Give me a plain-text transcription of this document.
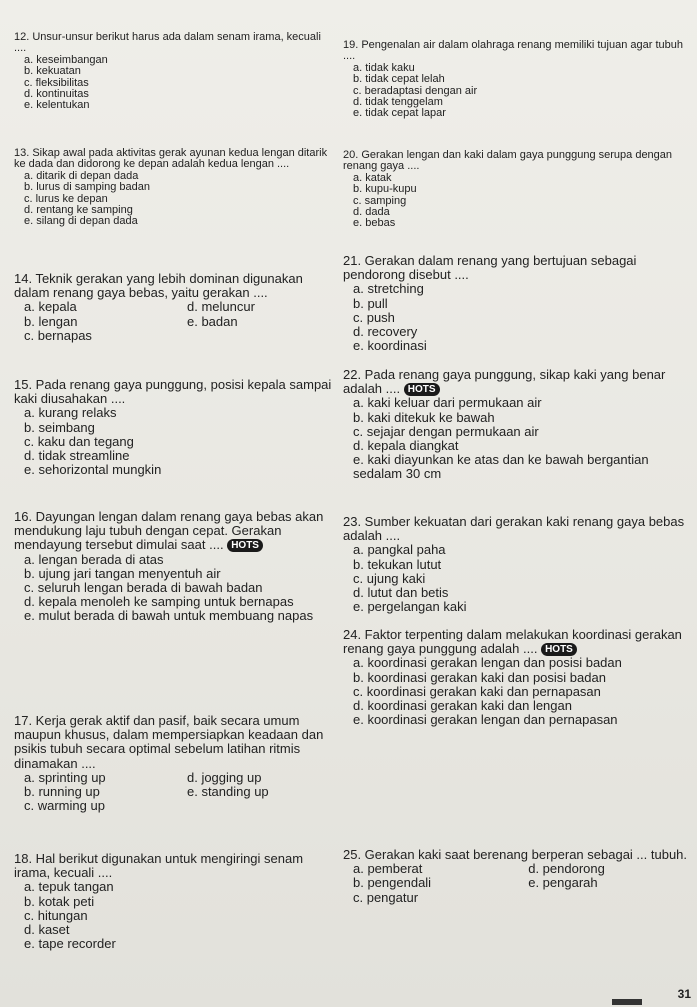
12. Unsur-unsur berikut harus ada dalam senam irama, kecuali ....
a. keseimbangan
b. kekuatan
c. fleksibilitas
d. kontinuitas
e. kelentukan
13. Sikap awal pada aktivitas gerak ayunan kedua lengan ditarik ke dada dan didorong ke depan adalah kedua lengan ....
a. ditarik di depan dada
b. lurus di samping badan
c. lurus ke depan
d. rentang ke samping
e. silang di depan dada
14. Teknik gerakan yang lebih dominan digunakan dalam renang gaya bebas, yaitu gerakan ....
a. kepala	d. meluncur
b. lengan	e. badan
c. bernapas
15. Pada renang gaya punggung, posisi kepala sampai kaki diusahakan ....
a. kurang relaks
b. seimbang
c. kaku dan tegang
d. tidak streamline
e. sehorizontal mungkin
16. Dayungan lengan dalam renang gaya bebas akan mendukung laju tubuh dengan cepat. Gerakan mendayung tersebut dimulai saat .... HOTS
a. lengan berada di atas
b. ujung jari tangan menyentuh air
c. seluruh lengan berada di bawah badan
d. kepala menoleh ke samping untuk bernapas
e. mulut berada di bawah untuk membuang napas
17. Kerja gerak aktif dan pasif, baik secara umum maupun khusus, dalam mempersiapkan keadaan dan psikis tubuh secara optimal sebelum latihan ritmis dinamakan ....
a. sprinting up	d. jogging up
b. running up	e. standing up
c. warming up
18. Hal berikut digunakan untuk mengiringi senam irama, kecuali ....
a. tepuk tangan
b. kotak peti
c. hitungan
d. kaset
e. tape recorder
19. Pengenalan air dalam olahraga renang memiliki tujuan agar tubuh ....
a. tidak kaku
b. tidak cepat lelah
c. beradaptasi dengan air
d. tidak tenggelam
e. tidak cepat lapar
20. Gerakan lengan dan kaki dalam gaya punggung serupa dengan renang gaya ....
a. katak
b. kupu-kupu
c. samping
d. dada
e. bebas
21. Gerakan dalam renang yang bertujuan sebagai pendorong disebut ....
a. stretching
b. pull
c. push
d. recovery
e. koordinasi
22. Pada renang gaya punggung, sikap kaki yang benar adalah .... HOTS
a. kaki keluar dari permukaan air
b. kaki ditekuk ke bawah
c. sejajar dengan permukaan air
d. kepala diangkat
e. kaki diayunkan ke atas dan ke bawah bergantian sedalam 30 cm
23. Sumber kekuatan dari gerakan kaki renang gaya bebas adalah ....
a. pangkal paha
b. tekukan lutut
c. ujung kaki
d. lutut dan betis
e. pergelangan kaki
24. Faktor terpenting dalam melakukan koordinasi gerakan renang gaya punggung adalah .... HOTS
a. koordinasi gerakan lengan dan posisi badan
b. koordinasi gerakan kaki dan posisi badan
c. koordinasi gerakan kaki dan pernapasan
d. koordinasi gerakan kaki dan lengan
e. koordinasi gerakan lengan dan pernapasan
25. Gerakan kaki saat berenang berperan sebagai ... tubuh.
a. pemberat	d. pendorong
b. pengendali	e. pengarah
c. pengatur
31
